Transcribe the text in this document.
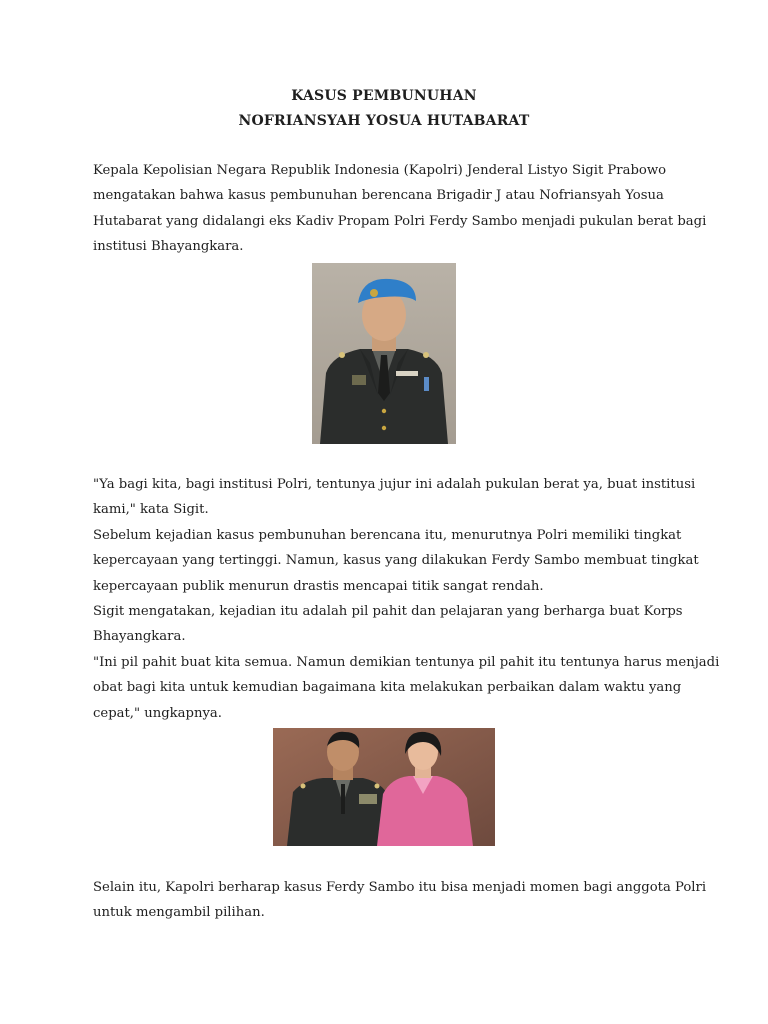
KASUS PEMBUNUHAN
NOFRIANSYAH YOSUA HUTABARAT
Kepala Kepolisian Negara Republik Indonesia (Kapolri) Jenderal Listyo Sigit Prabowo
mengatakan bahwa kasus pembunuhan berencana Brigadir J atau Nofriansyah Yosua
Hutabarat yang didalangi eks Kadiv Propam Polri Ferdy Sambo menjadi pukulan berat bagi
institusi Bhayangkara.
"Ya bagi kita, bagi institusi Polri, tentunya jujur ini adalah pukulan berat ya, buat institusi
kami," kata Sigit.
Sebelum kejadian kasus pembunuhan berencana itu, menurutnya Polri memiliki tingkat
kepercayaan yang tertinggi. Namun, kasus yang dilakukan Ferdy Sambo membuat tingkat
kepercayaan publik menurun drastis mencapai titik sangat rendah.
Sigit mengatakan, kejadian itu adalah pil pahit dan pelajaran yang berharga buat Korps
Bhayangkara.
"Ini pil pahit buat kita semua. Namun demikian tentunya pil pahit itu tentunya harus menjadi
obat bagi kita untuk kemudian bagaimana kita melakukan perbaikan dalam waktu yang
cepat," ungkapnya.
Selain itu, Kapolri berharap kasus Ferdy Sambo itu bisa menjadi momen bagi anggota Polri
untuk mengambil pilihan.
